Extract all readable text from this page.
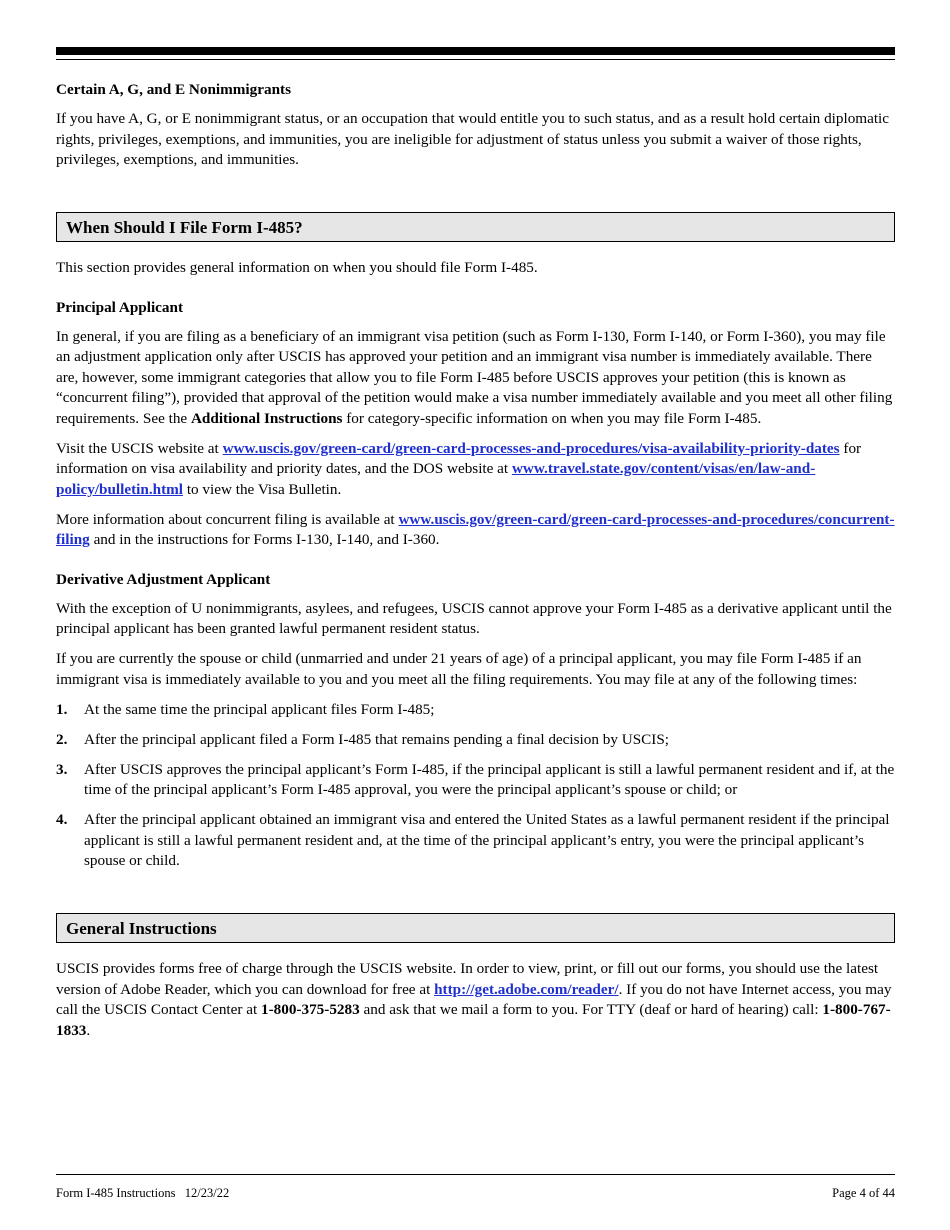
Certain A, G, and E Nonimmigrants

If you have A, G, or E nonimmigrant status, or an occupation that would entitle you to such status, and as a result hold certain diplomatic rights, privileges, exemptions, and immunities, you are ineligible for adjustment of status unless you submit a waiver of those rights, privileges, exemptions, and immunities.

When Should I File Form I-485?

This section provides general information on when you should file Form I-485.

Principal Applicant

In general, if you are filing as a beneficiary of an immigrant visa petition (such as Form I-130, Form I-140, or Form I-360), you may file an adjustment application only after USCIS has approved your petition and an immigrant visa number is immediately available. There are, however, some immigrant categories that allow you to file Form I-485 before USCIS approves your petition (this is known as “concurrent filing”), provided that approval of the petition would make a visa number immediately available and you meet all other filing requirements. See the Additional Instructions for category-specific information on when you may file Form I-485.

Visit the USCIS website at www.uscis.gov/green-card/green-card-processes-and-procedures/visa-availability-priority-dates for information on visa availability and priority dates, and the DOS website at www.travel.state.gov/content/visas/en/law-and-policy/bulletin.html to view the Visa Bulletin.

More information about concurrent filing is available at www.uscis.gov/green-card/green-card-processes-and-procedures/concurrent-filing and in the instructions for Forms I-130, I-140, and I-360.

Derivative Adjustment Applicant

With the exception of U nonimmigrants, asylees, and refugees, USCIS cannot approve your Form I-485 as a derivative applicant until the principal applicant has been granted lawful permanent resident status.

If you are currently the spouse or child (unmarried and under 21 years of age) of a principal applicant, you may file Form I-485 if an immigrant visa is immediately available to you and you meet all the filing requirements. You may file at any of the following times:

1.	At the same time the principal applicant files Form I-485;
2.	After the principal applicant filed a Form I-485 that remains pending a final decision by USCIS;
3.	After USCIS approves the principal applicant’s Form I-485, if the principal applicant is still a lawful permanent resident and if, at the time of the principal applicant’s Form I-485 approval, you were the principal applicant’s spouse or child; or
4.	After the principal applicant obtained an immigrant visa and entered the United States as a lawful permanent resident if the principal applicant is still a lawful permanent resident and, at the time of the principal applicant’s entry, you were the principal applicant’s spouse or child.
General Instructions

USCIS provides forms free of charge through the USCIS website. In order to view, print, or fill out our forms, you should use the latest version of Adobe Reader, which you can download for free at http://get.adobe.com/reader/. If you do not have Internet access, you may call the USCIS Contact Center at 1-800-375-5283 and ask that we mail a form to you. For TTY (deaf or hard of hearing) call: 1-800-767-1833.

Form I-485 Instructions   12/23/22	Page 4 of 44
